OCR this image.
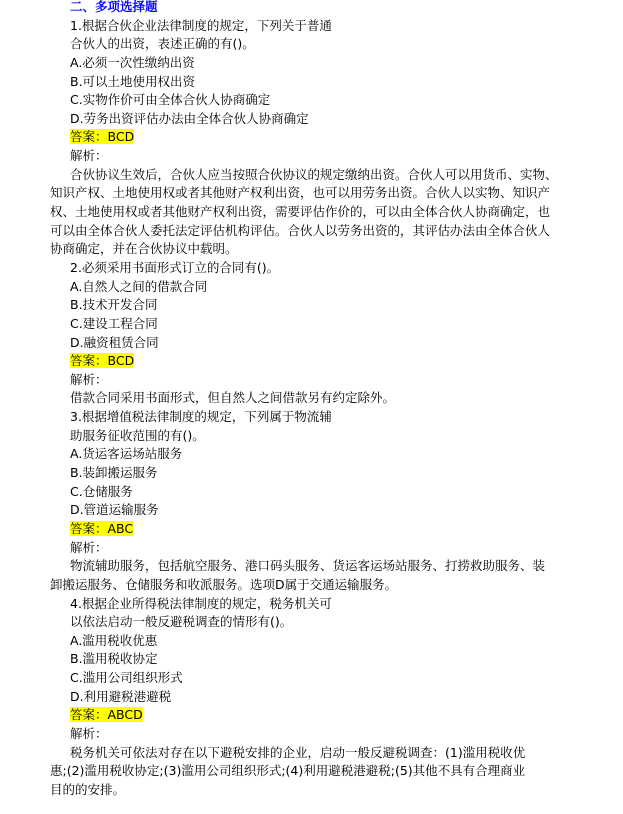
二、多项选择题
1.根据合伙企业法律制度的规定，下列关于普通
合伙人的出资，表述正确的有()。
A.必须一次性缴纳出资
B.可以土地使用权出资
C.实物作价可由全体合伙人协商确定
D.劳务出资评估办法由全体合伙人协商确定
答案：BCD
解析：
合伙协议生效后，合伙人应当按照合伙协议的规定缴纳出资。合伙人可以用货币、实物、
知识产权、土地使用权或者其他财产权利出资，也可以用劳务出资。合伙人以实物、知识产
权、土地使用权或者其他财产权利出资，需要评估作价的，可以由全体合伙人协商确定，也
可以由全体合伙人委托法定评估机构评估。合伙人以劳务出资的，其评估办法由全体合伙人
协商确定，并在合伙协议中载明。
2.必须采用书面形式订立的合同有()。
A.自然人之间的借款合同
B.技术开发合同
C.建设工程合同
D.融资租赁合同
答案：BCD
解析：
借款合同采用书面形式，但自然人之间借款另有约定除外。
3.根据增值税法律制度的规定，下列属于物流辅
助服务征收范围的有()。
A.货运客运场站服务
B.装卸搬运服务
C.仓储服务
D.管道运输服务
答案：ABC
解析：
物流辅助服务，包括航空服务、港口码头服务、货运客运场站服务、打捞救助服务、装
卸搬运服务、仓储服务和收派服务。选项D属于交通运输服务。
4.根据企业所得税法律制度的规定，税务机关可
以依法启动一般反避税调查的情形有()。
A.滥用税收优惠
B.滥用税收协定
C.滥用公司组织形式
D.利用避税港避税
答案：ABCD
解析：
税务机关可依法对存在以下避税安排的企业，启动一般反避税调查：(1)滥用税收优
惠;(2)滥用税收协定;(3)滥用公司组织形式;(4)利用避税港避税;(5)其他不具有合理商业
目的的安排。
